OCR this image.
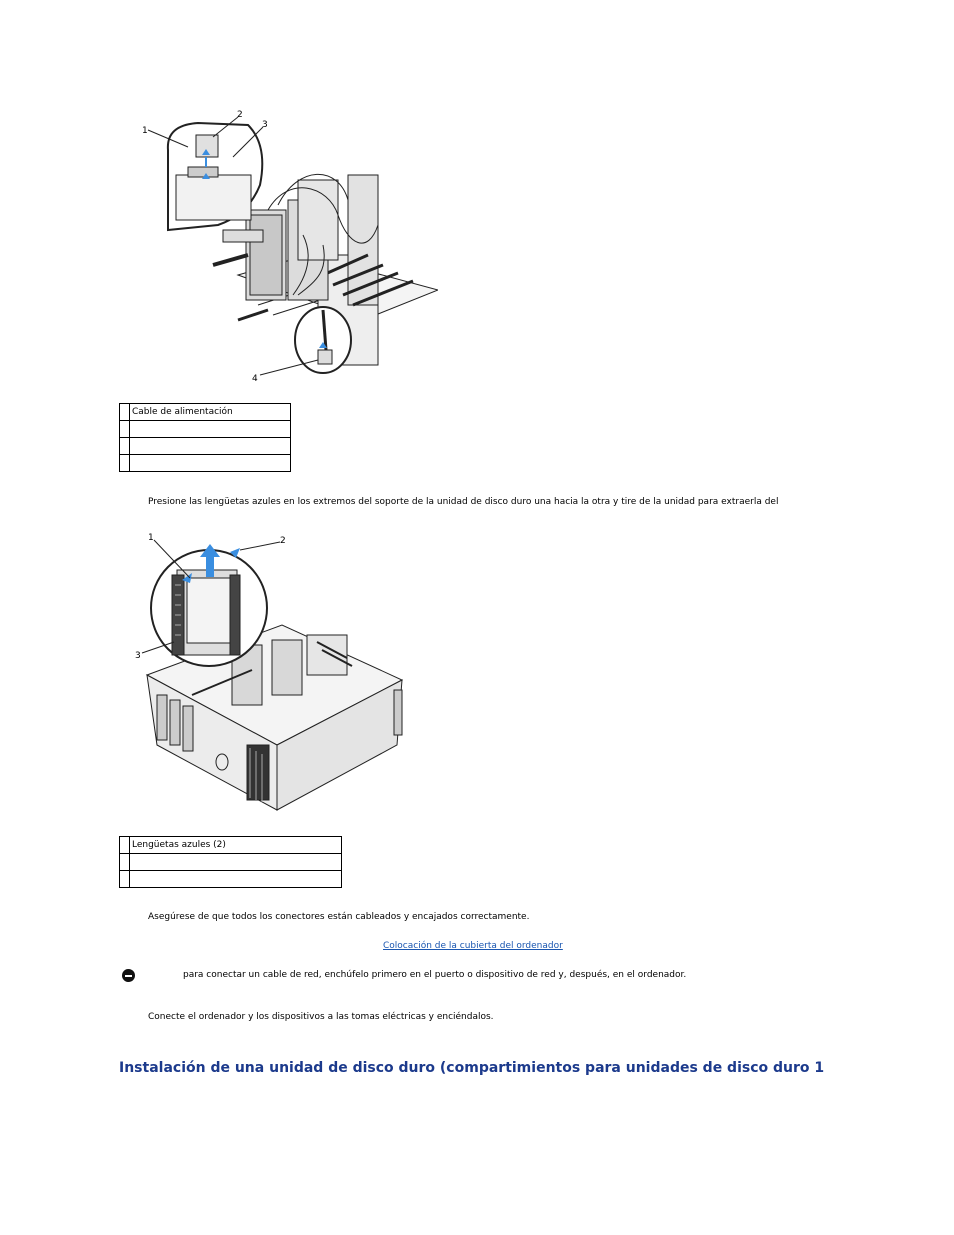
1
2
3
4
	Cable de alimentación

Presione las lengüetas azules en los extremos del soporte de la unidad de disco duro una hacia la otra y tire de la unidad para extraerla del
1	2
3
	Lengüetas azules (2)

Asegúrese de que todos los conectores están cableados y encajados correctamente.
Colocación de la cubierta del ordenador
para conectar un cable de red, enchúfelo primero en el puerto o dispositivo de red y, después, en el ordenador.
Conecte el ordenador y los dispositivos a las tomas eléctricas y enciéndalos.
Instalación de una unidad de disco duro (compartimientos para unidades de disco duro 1
